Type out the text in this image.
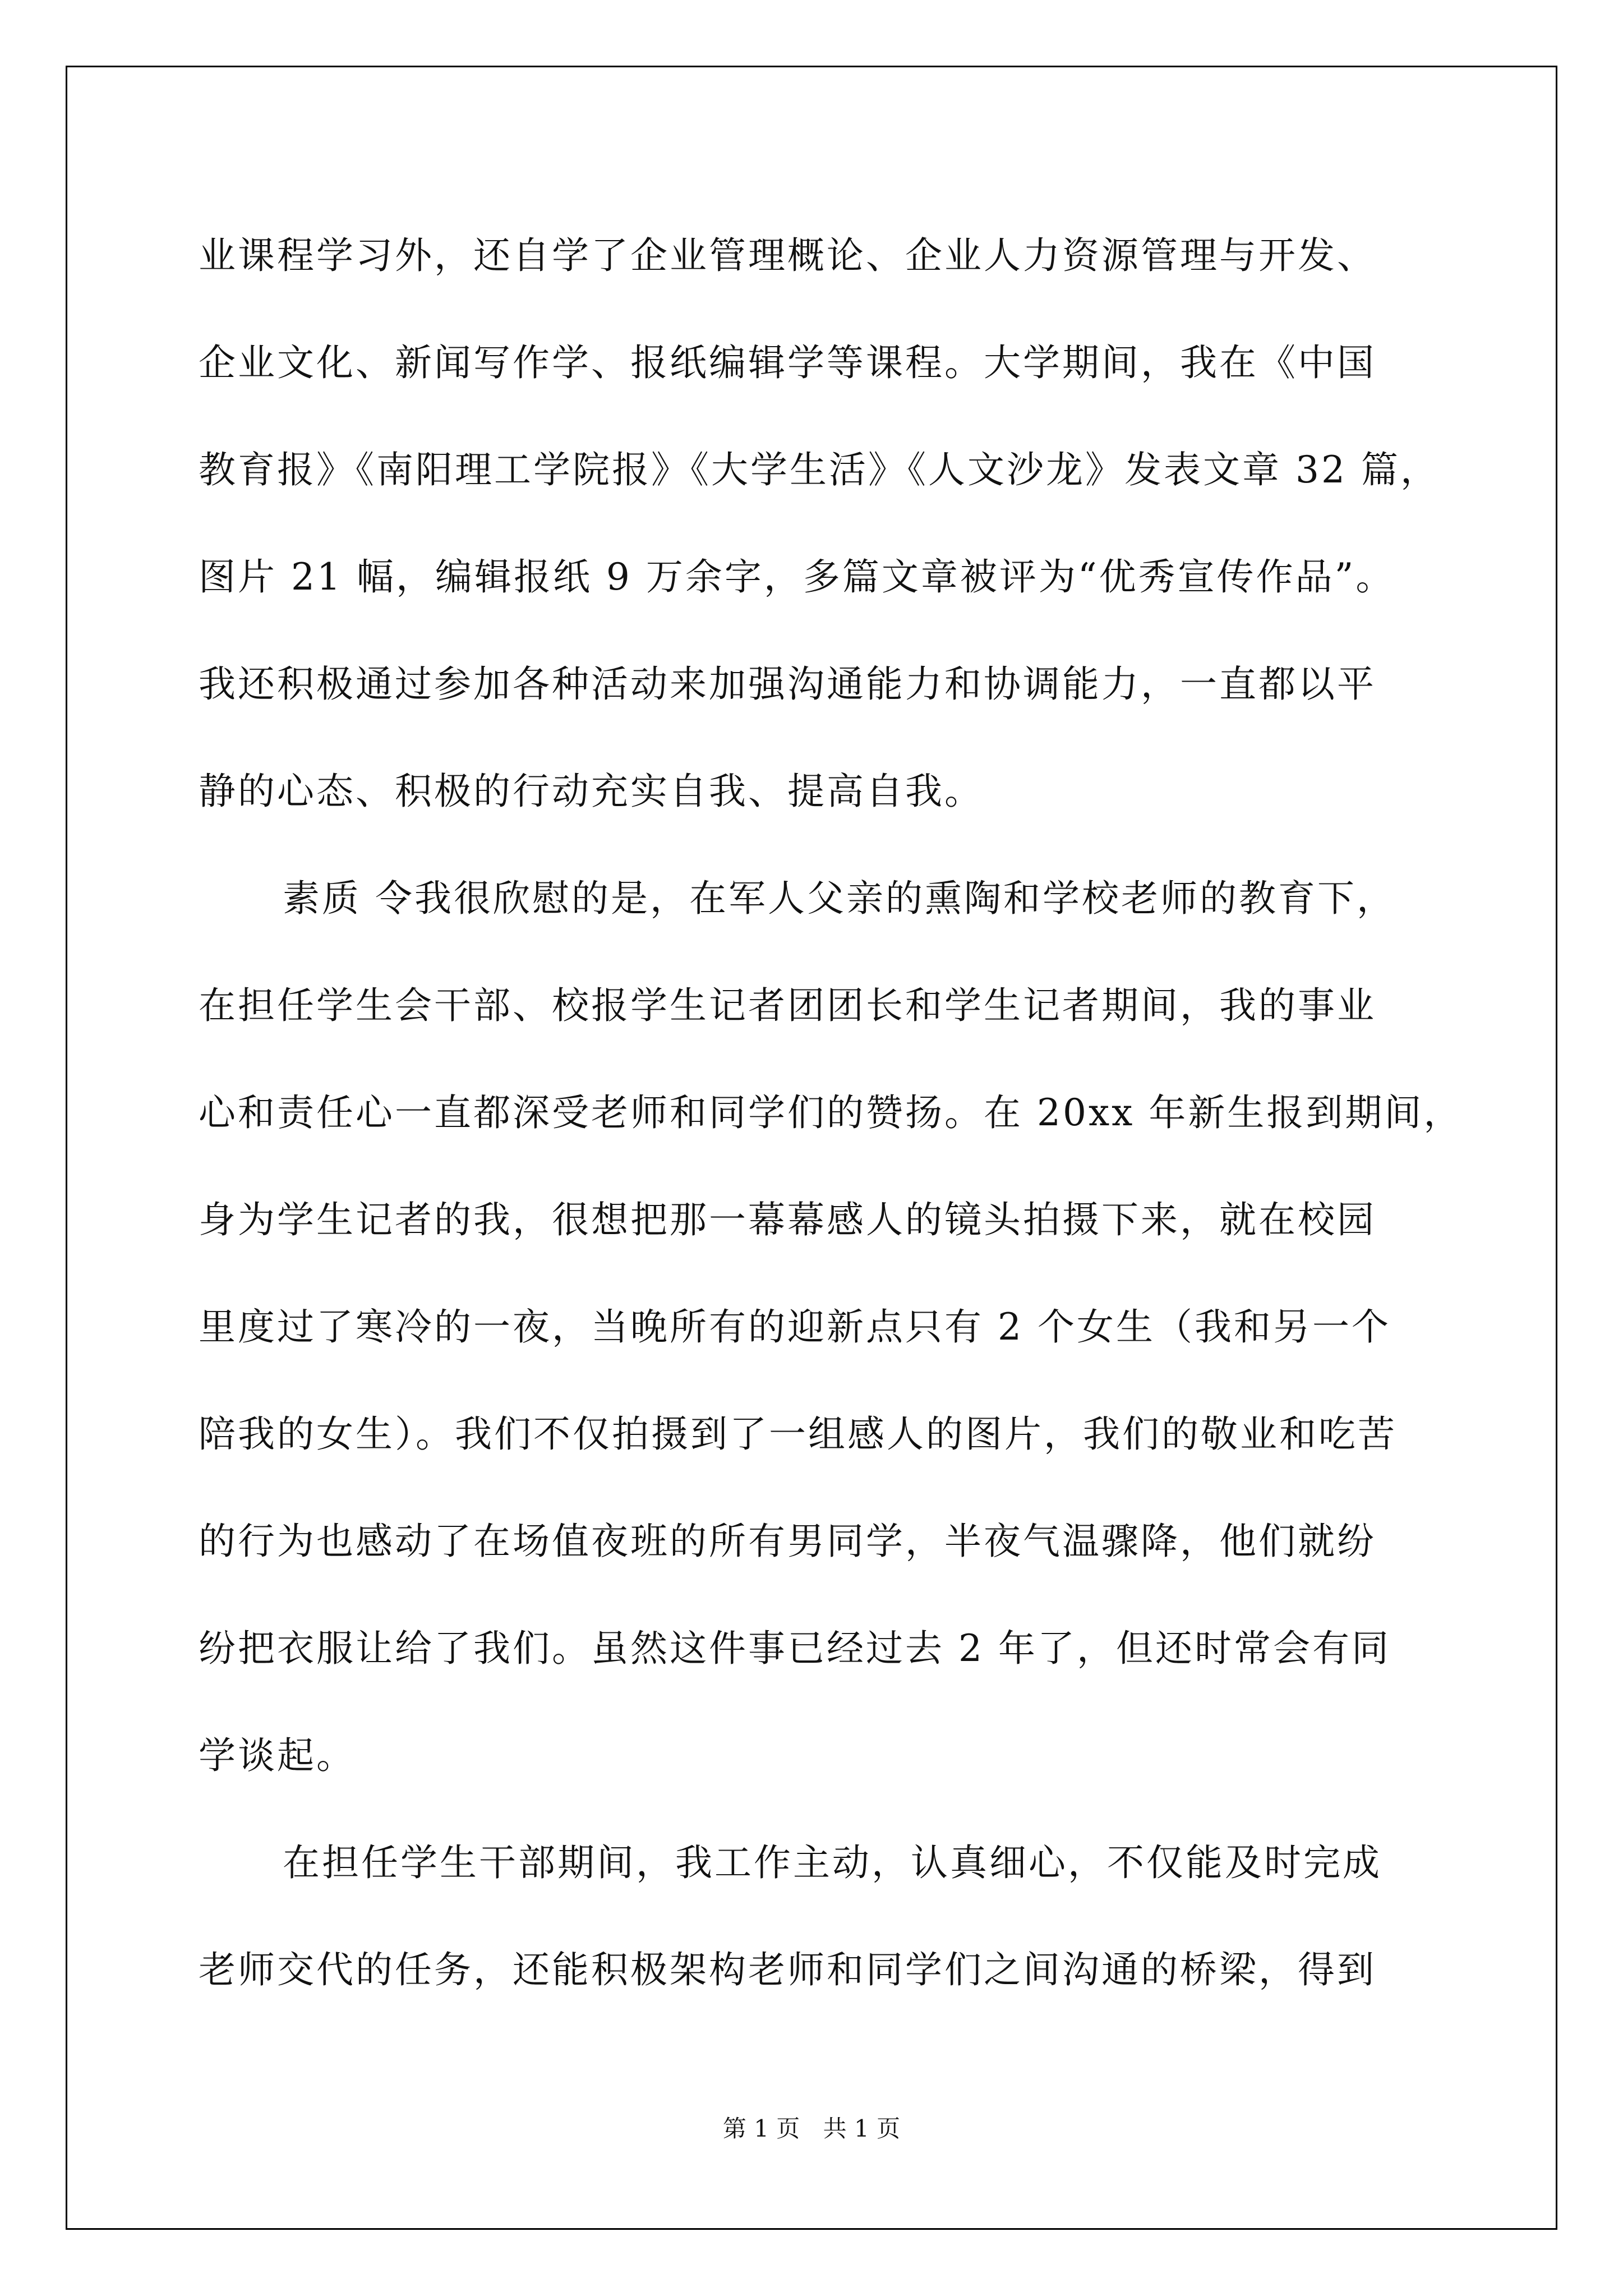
业课程学习外，还自学了企业管理概论、企业人力资源管理与开发、
企业文化、新闻写作学、报纸编辑学等课程。大学期间，我在《中国
教育报》《南阳理工学院报》《大学生活》《人文沙龙》发表文章 32 篇，
图片 21 幅，编辑报纸 9 万余字，多篇文章被评为“优秀宣传作品”。
我还积极通过参加各种活动来加强沟通能力和协调能力，一直都以平
静的心态、积极的行动充实自我、提高自我。
素质 令我很欣慰的是，在军人父亲的熏陶和学校老师的教育下，
在担任学生会干部、校报学生记者团团长和学生记者期间，我的事业
心和责任心一直都深受老师和同学们的赞扬。在 20xx 年新生报到期间，
身为学生记者的我，很想把那一幕幕感人的镜头拍摄下来，就在校园
里度过了寒冷的一夜，当晚所有的迎新点只有 2 个女生（我和另一个
陪我的女生）。我们不仅拍摄到了一组感人的图片，我们的敬业和吃苦
的行为也感动了在场值夜班的所有男同学，半夜气温骤降，他们就纷
纷把衣服让给了我们。虽然这件事已经过去 2 年了，但还时常会有同
学谈起。
在担任学生干部期间，我工作主动，认真细心，不仅能及时完成
老师交代的任务，还能积极架构老师和同学们之间沟通的桥梁，得到
第 1 页 共 1 页
